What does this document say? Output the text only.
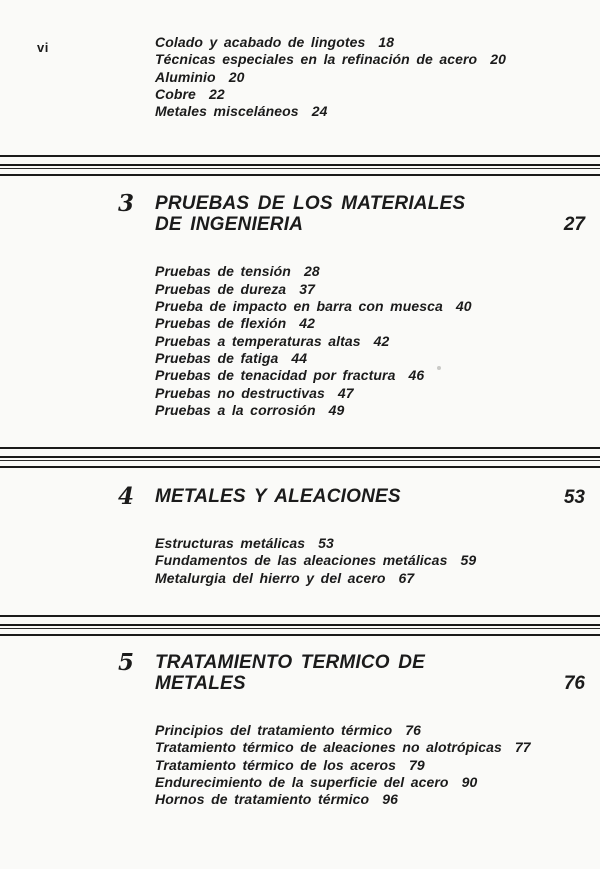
vi	Colado y acabado de lingotes 18
Técnicas especiales en la refinación de acero 20
Aluminio 20
Cobre 22
Metales misceláneos 24
3	PRUEBAS DE LOS MATERIALES
DE INGENIERIA	27
Pruebas de tensión 28
Pruebas de dureza 37
Prueba de impacto en barra con muesca 40
Pruebas de flexión 42
Pruebas a temperaturas altas 42
Pruebas de fatiga 44
Pruebas de tenacidad por fractura 46
Pruebas no destructivas 47
Pruebas a la corrosión 49
4	METALES Y ALEACIONES	53
Estructuras metálicas 53
Fundamentos de las aleaciones metálicas 59
Metalurgia del hierro y del acero 67
5	TRATAMIENTO TERMICO DE
METALES	76
Principios del tratamiento térmico 76
Tratamiento térmico de aleaciones no alotrópicas 77
Tratamiento térmico de los aceros 79
Endurecimiento de la superficie del acero 90
Hornos de tratamiento térmico 96
